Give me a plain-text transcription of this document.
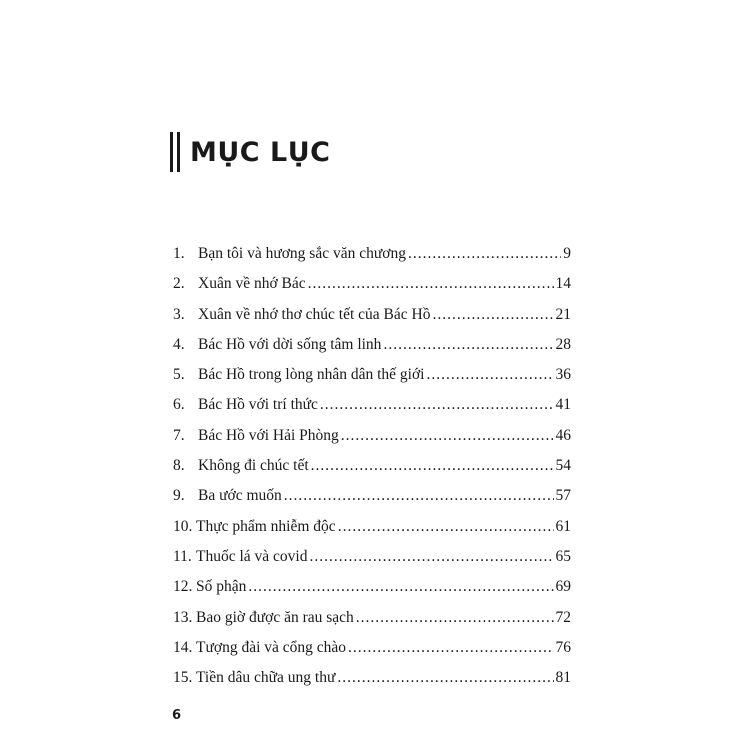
MỤC LỤC
1. Bạn tôi và hương sắc văn chương .....	9
2. Xuân về nhớ Bác .....	14
3. Xuân về nhớ thơ chúc tết của Bác Hồ .....	21
4. Bác Hồ với dời sống tâm linh .....	28
5. Bác Hồ trong lòng nhân dân thế giới .....	36
6. Bác Hồ với trí thức .....	41
7. Bác Hồ với Hải Phòng .....	46
8. Không đi chúc tết .....	54
9. Ba ước muốn .....	57
10. Thực phẩm nhiễm độc .....	61
11. Thuốc lá và covid .....	65
12. Số phận .....	69
13. Bao giờ được ăn rau sạch .....	72
14. Tượng đài và cổng chào .....	76
15. Tiền dâu chữa ung thư .....	81
6
